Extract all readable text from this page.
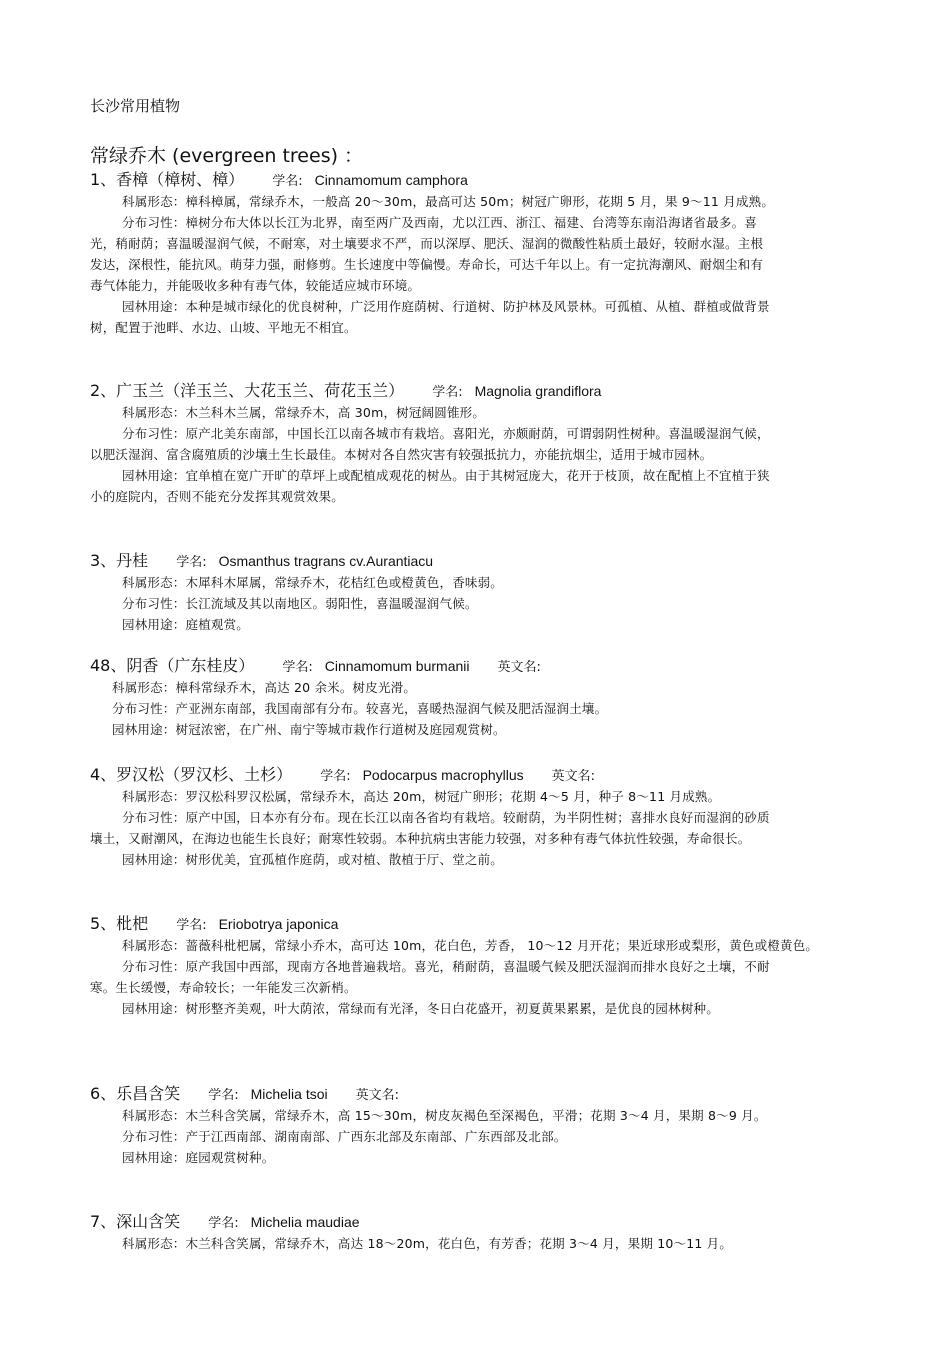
长沙常用植物
常绿乔木 (evergreen trees) ：
1、香樟（樟树、樟） 学名: Cinnamomum camphora

科属形态：樟科樟属，常绿乔木，一般高 20～30m，最高可达 50m；树冠广卵形，花期 5 月，果 9～11 月成熟。

分布习性：樟树分布大体以长江为北界，南至两广及西南，尤以江西、浙江、福建、台湾等东南沿海诸省最多。喜光，稍耐荫；喜温暖湿润气候，不耐寒，对土壤要求不严，而以深厚、肥沃、湿润的微酸性粘质土最好，较耐水湿。主根发达，深根性，能抗风。萌芽力强，耐修剪。生长速度中等偏慢。寿命长，可达千年以上。有一定抗海潮风、耐烟尘和有毒气体能力，并能吸收多种有毒气体，较能适应城市环境。

园林用途：本种是城市绿化的优良树种，广泛用作庭荫树、行道树、防护林及风景林。可孤植、从植、群植或做背景树，配置于池畔、水边、山坡、平地无不相宜。

2、广玉兰（洋玉兰、大花玉兰、荷花玉兰） 学名: Magnolia grandiflora

科属形态：木兰科木兰属，常绿乔木，高 30m，树冠阔圆锥形。

分布习性：原产北美东南部，中国长江以南各城市有栽培。喜阳光，亦颇耐荫，可谓弱阴性树种。喜温暖湿润气候，以肥沃湿润、富含腐殖质的沙壤土生长最佳。本树对各自然灾害有较强抵抗力，亦能抗烟尘，适用于城市园林。

园林用途：宜单植在宽广开旷的草坪上或配植成观花的树丛。由于其树冠庞大，花开于枝顶，故在配植上不宜植于狭小的庭院内，否则不能充分发挥其观赏效果。

3、丹桂 学名: Osmanthus tragrans cv.Aurantiacu

科属形态：木犀科木犀属，常绿乔木，花桔红色或橙黄色，香味弱。

分布习性：长江流域及其以南地区。弱阳性，喜温暖湿润气候。

园林用途：庭植观赏。

48、阴香（广东桂皮） 学名: Cinnamomum burmanii 英文名:

科属形态：樟科常绿乔木，高达 20 余米。树皮光滑。

分布习性：产亚洲东南部，我国南部有分布。较喜光，喜暖热湿润气候及肥活湿润土壤。

园林用途：树冠浓密，在广州、南宁等城市栽作行道树及庭园观赏树。

4、罗汉松（罗汉杉、土杉） 学名: Podocarpus macrophyllus 英文名:

科属形态：罗汉松科罗汉松属，常绿乔木，高达 20m，树冠广卵形；花期 4～5 月，种子 8～11 月成熟。

分布习性：原产中国，日本亦有分布。现在长江以南各省均有栽培。较耐荫，为半阴性树；喜排水良好而湿润的砂质壤土，又耐潮风，在海边也能生长良好；耐寒性较弱。本种抗病虫害能力较强，对多种有毒气体抗性较强，寿命很长。

园林用途：树形优美，宜孤植作庭荫，或对植、散植于厅、堂之前。

5、枇杷 学名: Eriobotrya japonica

科属形态：蔷薇科枇杷属，常绿小乔木，高可达 10m，花白色，芳香， 10～12 月开花；果近球形或梨形，黄色或橙黄色。

分布习性：原产我国中西部，现南方各地普遍栽培。喜光，稍耐荫，喜温暖气候及肥沃湿润而排水良好之土壤，不耐寒。生长缓慢，寿命较长；一年能发三次新梢。

园林用途：树形整齐美观，叶大荫浓，常绿而有光泽，冬日白花盛开，初夏黄果累累，是优良的园林树种。

6、乐昌含笑 学名: Michelia tsoi 英文名:

科属形态：木兰科含笑属，常绿乔木，高 15～30m，树皮灰褐色至深褐色，平滑；花期 3～4 月，果期 8～9 月。

分布习性：产于江西南部、湖南南部、广西东北部及东南部、广东西部及北部。

园林用途：庭园观赏树种。

7、深山含笑 学名: Michelia maudiae

科属形态：木兰科含笑属，常绿乔木，高达 18～20m，花白色，有芳香；花期 3～4 月，果期 10～11 月。
